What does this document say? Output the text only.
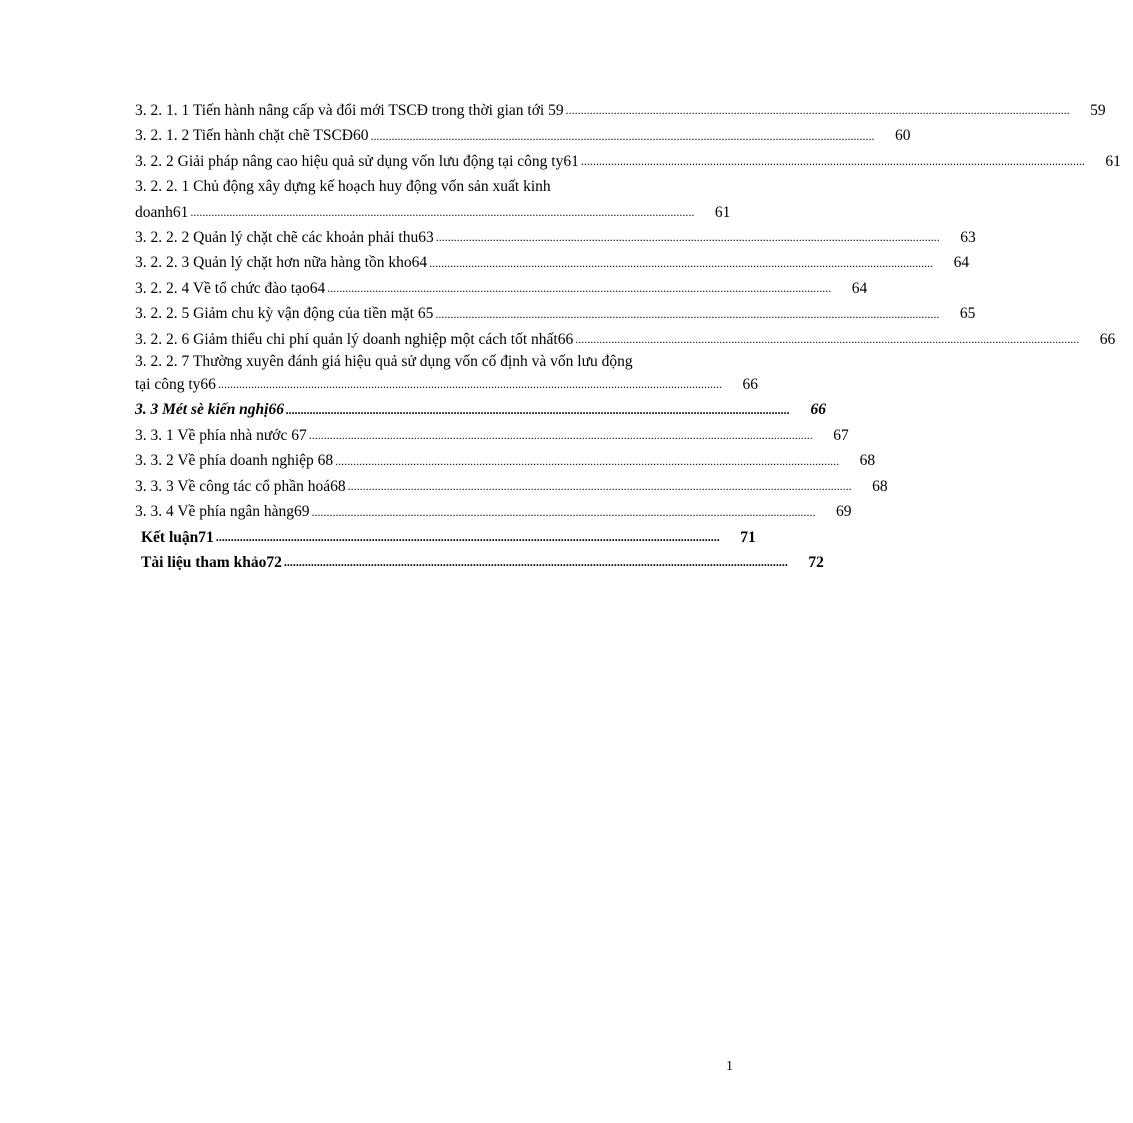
3. 2. 1. 1 Tiến hành nâng cấp và đổi mới TSCĐ trong thời gian tới 59 ........................................................................................................................................................................	59
3. 2. 1. 2 Tiến hành chặt chẽ TSCĐ60 ........................................................................................................................................................................	60
3. 2. 2 Giải pháp nâng cao hiệu quả sử dụng vốn lưu động tại công ty61 ........................................................................................................................................................................	61
3. 2. 2. 1 Chủ động xây dựng kế hoạch huy động vốn sản xuất kinh
doanh61 ........................................................................................................................................................................	61
3. 2. 2. 2 Quản lý chặt chẽ các khoản phải thu63 ........................................................................................................................................................................	63
3. 2. 2. 3 Quản lý chặt hơn nữa hàng tồn kho64 ........................................................................................................................................................................	64
3. 2. 2. 4 Về tổ chức đào tạo64 ........................................................................................................................................................................	64
3. 2. 2. 5 Giảm chu kỳ vận động của tiền mặt 65 ........................................................................................................................................................................	65
3. 2. 2. 6 Giảm thiểu chi phí quản lý doanh nghiệp một cách tốt nhất66 ........................................................................................................................................................................	66
3. 2. 2. 7 Thường xuyên đánh giá hiệu quả sử dụng vốn cố định và vốn lưu động
tại công ty66 ........................................................................................................................................................................	66
3. 3 Mét sè kiến nghị66 ........................................................................................................................................................................	66
3. 3. 1 Về phía nhà nước 67 ........................................................................................................................................................................	67
3. 3. 2 Về phía doanh nghiệp 68 ........................................................................................................................................................................	68
3. 3. 3 Về công tác cổ phần hoá68 ........................................................................................................................................................................	68
3. 3. 4 Về phía ngân hàng69 ........................................................................................................................................................................	69
Kết luận71 ........................................................................................................................................................................	71
Tài liệu tham khảo72 ........................................................................................................................................................................	72
1
